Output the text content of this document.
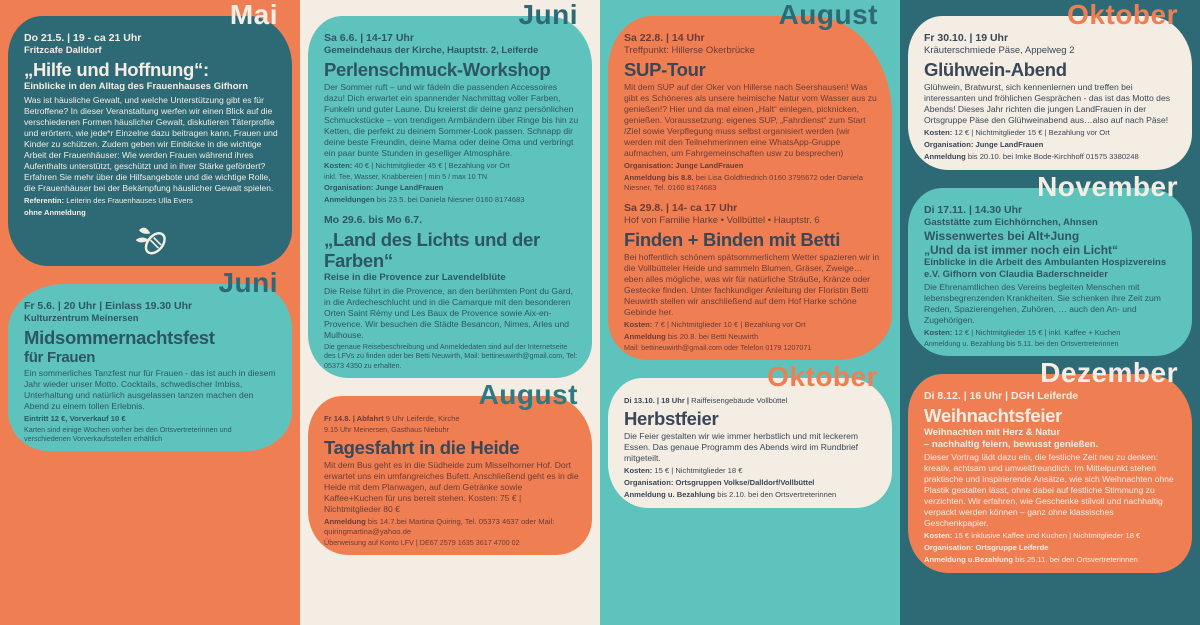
Mai
Do 21.5. | 19 - ca 21 Uhr
Fritzcafe Dalldorf
„Hilfe und Hoffnung“:
Einblicke in den Alltag des Frauenhauses Gifhorn
Was ist häusliche Gewalt, und welche Unterstützung gibt es für Betroffene? In dieser Veranstaltung werfen wir einen Blick auf die verschiedenen Formen häuslicher Gewalt, diskutieren Täterprofile und erörtern, wie jede*r Einzelne dazu beitragen kann, Frauen und Kinder zu schützen. Zudem geben wir Einblicke in die wichtige Arbeit der Frauenhäuser: Wie werden Frauen während ihres Aufenthalts unterstützt, geschützt und in ihrer Stärke gefördert? Erfahren Sie mehr über die Hilfsangebote und die wichtige Rolle, die Frauenhäuser bei der Bekämpfung häuslicher Gewalt spielen.
Referentin: Leiterin des Frauenhauses Ulla Evers
ohne Anmeldung
Juni
Fr 5.6. | 20 Uhr | Einlass 19.30 Uhr
Kulturzentrum Meinersen
Midsommernachtsfest
für Frauen
Ein sommerliches Tanzfest nur für Frauen - das ist auch in diesem Jahr wieder unser Motto. Cocktails, schwedischer Imbiss, Unterhaltung und natürlich ausgelassen tanzen machen den Abend zu einem tollen Erlebnis.
Eintritt 12 €, Vorverkauf 10 €
Karten sind einige Wochen vorher bei den Ortsvertreterinnen und verschiedenen Vorverkaufsstellen erhältlich
Juni
Sa 6.6. | 14-17 Uhr
Gemeindehaus der Kirche, Hauptstr. 2, Leiferde
Perlenschmuck-Workshop
Der Sommer ruft – und wir fädeln die passenden Accessoires dazu! Dich erwartet ein spannender Nachmittag voller Farben, Funkeln und guter Laune. Du kreierst dir deine ganz persönlichen Schmuckstücke – von trendigen Armbändern über Ringe bis hin zu Ketten, die perfekt zu deinem Sommer-Look passen. Schnapp dir deine beste Freundin, deine Mama oder deine Oma und verbringt ein paar bunte Stunden in geselliger Atmosphäre.
Kosten: 40 € | Nichtmitglieder 45 € | Bezahlung vor Ort
inkl. Tee, Wasser, Knabbereien | min 5 / max 10 TN
Organisation: Junge LandFrauen
Anmeldungen bis 23.5. bei Daniela Niesner 0160 8174683
Mo 29.6. bis Mo 6.7.
„Land des Lichts und der Farben“
Reise in die Provence zur Lavendelblüte
Die Reise führt in die Provence, an den berühmten Pont du Gard, in die Ardecheschlucht und in die Camarque mit den besonderen Orten Saint Rémy und Les Baux de Provence sowie Aix-en-Provence. Wir besuchen die Städte Besancon, Nimes, Arles und Mulhouse.
Die genaue Reisebeschreibung und Anmeldedaten sind auf der Internetseite des LFVs zu finden oder bei Betti Neuwirth, Mail: bettineuwirth@gmail.com, Tel: 05373 4350 zu erhalten.
August
Fr 14.8. | Abfahrt 9 Uhr Leiferde, Kirche
9.15 Uhr Meinersen, Gasthaus Niebuhr
Tagesfahrt in die Heide
Mit dem Bus geht es in die Südheide zum Misselhorner Hof. Dort erwartet uns ein umfangreiches Bufett. Anschließend geht es in die Heide mit dem Planwagen, auf dem Getränke sowie Kaffee+Kuchen für uns bereit stehen. Kosten: 75 € | Nichtmitglieder 80 €
Anmeldung bis 14.7.bei Martina Quiring, Tel. 05373 4637 oder Mail: quiringmartina@yahoo.de
Überweisung auf Konto LFV | DE67 2579 1635 3617 4700 02
August
Sa 22.8. | 14 Uhr
Treffpunkt: Hillerse Okerbrücke
SUP-Tour
Mit dem SUP auf der Oker von Hillerse nach Seershausen! Was gibt es Schöneres als unsere heimische Natur vom Wasser aus zu genießen!? Hier und da mal einen „Halt“ einlegen, picknicken, genießen. Voraussetzung: eigenes SUP, „Fahrdienst“ zum Start /Ziel sowie Verpflegung muss selbst organisiert werden (wir werden mit den Teilnehmerinnen eine WhatsApp-Gruppe aufmachen, um Fahrgemeinschaften usw zu besprechen)
Organisation: Junge LandFrauen
Anmeldung bis 8.8. bei Lisa Goldfriedrich 0160 3795672 oder Daniela Niesner, Tel. 0160 8174683
Sa 29.8. | 14- ca 17 Uhr
Hof von Familie Harke • Vollbüttel • Hauptstr. 6
Finden + Binden mit Betti
Bei hoffentlich schönem spätsommerlichem Wetter spazieren wir in die Vollbütteler Heide und sammeln Blumen, Gräser, Zweige… eben alles mögliche, was wir für natürliche Sträuße, Kränze oder Gestecke finden. Unter fachkundiger Anleitung der Floristin Betti Neuwirth stellen wir anschließend auf dem Hof Harke schöne Gebinde her.
Kosten: 7 € | Nichtmitglieder 10 € | Bezahlung vor Ort
Anmeldung bis 20.8. bei Betti Neuwirth
Mail: bettineuwirth@gmail.com oder Telefon 0179 1207071
Oktober
Di 13.10. | 18 Uhr | Raiffeisengebäude Vollbüttel
Herbstfeier
Die Feier gestalten wir wie immer herbstlich und mit leckerem Essen. Das genaue Programm des Abends wird im Rundbrief mitgeteilt.
Kosten: 15 € | Nichtmitglieder 18 €
Organisation: Ortsgruppen Volkse/Dalldorf/Vollbüttel
Anmeldung u. Bezahlung bis 2.10. bei den Ortsvertreterinnen
Oktober
Fr 30.10. | 19 Uhr
Kräuterschmiede Päse, Appelweg 2
Glühwein-Abend
Glühwein, Bratwurst, sich kennenlernen und treffen bei interessanten und fröhlichen Gesprächen - das ist das Motto des Abends! Dieses Jahr richten die jungen LandFrauen in der Ortsgruppe Päse den Glühweinabend aus…also auf nach Päse!
Kosten: 12 € | Nichtmitglieder 15 € | Bezahlung vor Ort
Organisation: Junge LandFrauen
Anmeldung bis 20.10. bei Imke Bode-Kirchhoff 01575 3380248
November
Di 17.11. | 14.30 Uhr
Gaststätte zum Eichhörnchen, Ahnsen
Wissenwertes bei Alt+Jung
„Und da ist immer noch ein Licht“
Einblicke in die Arbeit des Ambulanten Hospizvereins e.V. Gifhorn von Claudia Baderschneider
Die Ehrenamtlichen des Vereins begleiten Menschen mit lebensbegrenzenden Krankheiten. Sie schenken ihre Zeit zum Reden, Spazierengehen, Zuhören, … auch den An- und Zugehörigen.
Kosten: 12 € | Nichtmitglieder 15 € | inkl. Kaffee + Kuchen
Anmeldung u. Bezahlung bis 5.11. bei den Ortsvertreterinnen
Dezember
Di 8.12. | 16 Uhr | DGH Leiferde
Weihnachtsfeier
Weihnachten mit Herz & Natur
– nachhaltig feiern, bewusst genießen.
Dieser Vortrag lädt dazu ein, die festliche Zeit neu zu denken: kreativ, achtsam und umweltfreundlich. Im Mittelpunkt stehen praktische und inspirierende Ansätze, wie sich Weihnachten ohne Plastik gestalten lässt, ohne dabei auf festliche Stimmung zu verzichten. Wir erfahren, wie Geschenke stilvoll und nachhaltig verpackt werden können – ganz ohne klassisches Geschenkpapier.
Kosten: 15 € inklusive Kaffee und Kuchen | Nichtmitglieder 18 €
Organisation: Ortsgruppe Leiferde
Anmeldung u.Bezahlung bis 25.11. bei den Ortsvertreterinnen
